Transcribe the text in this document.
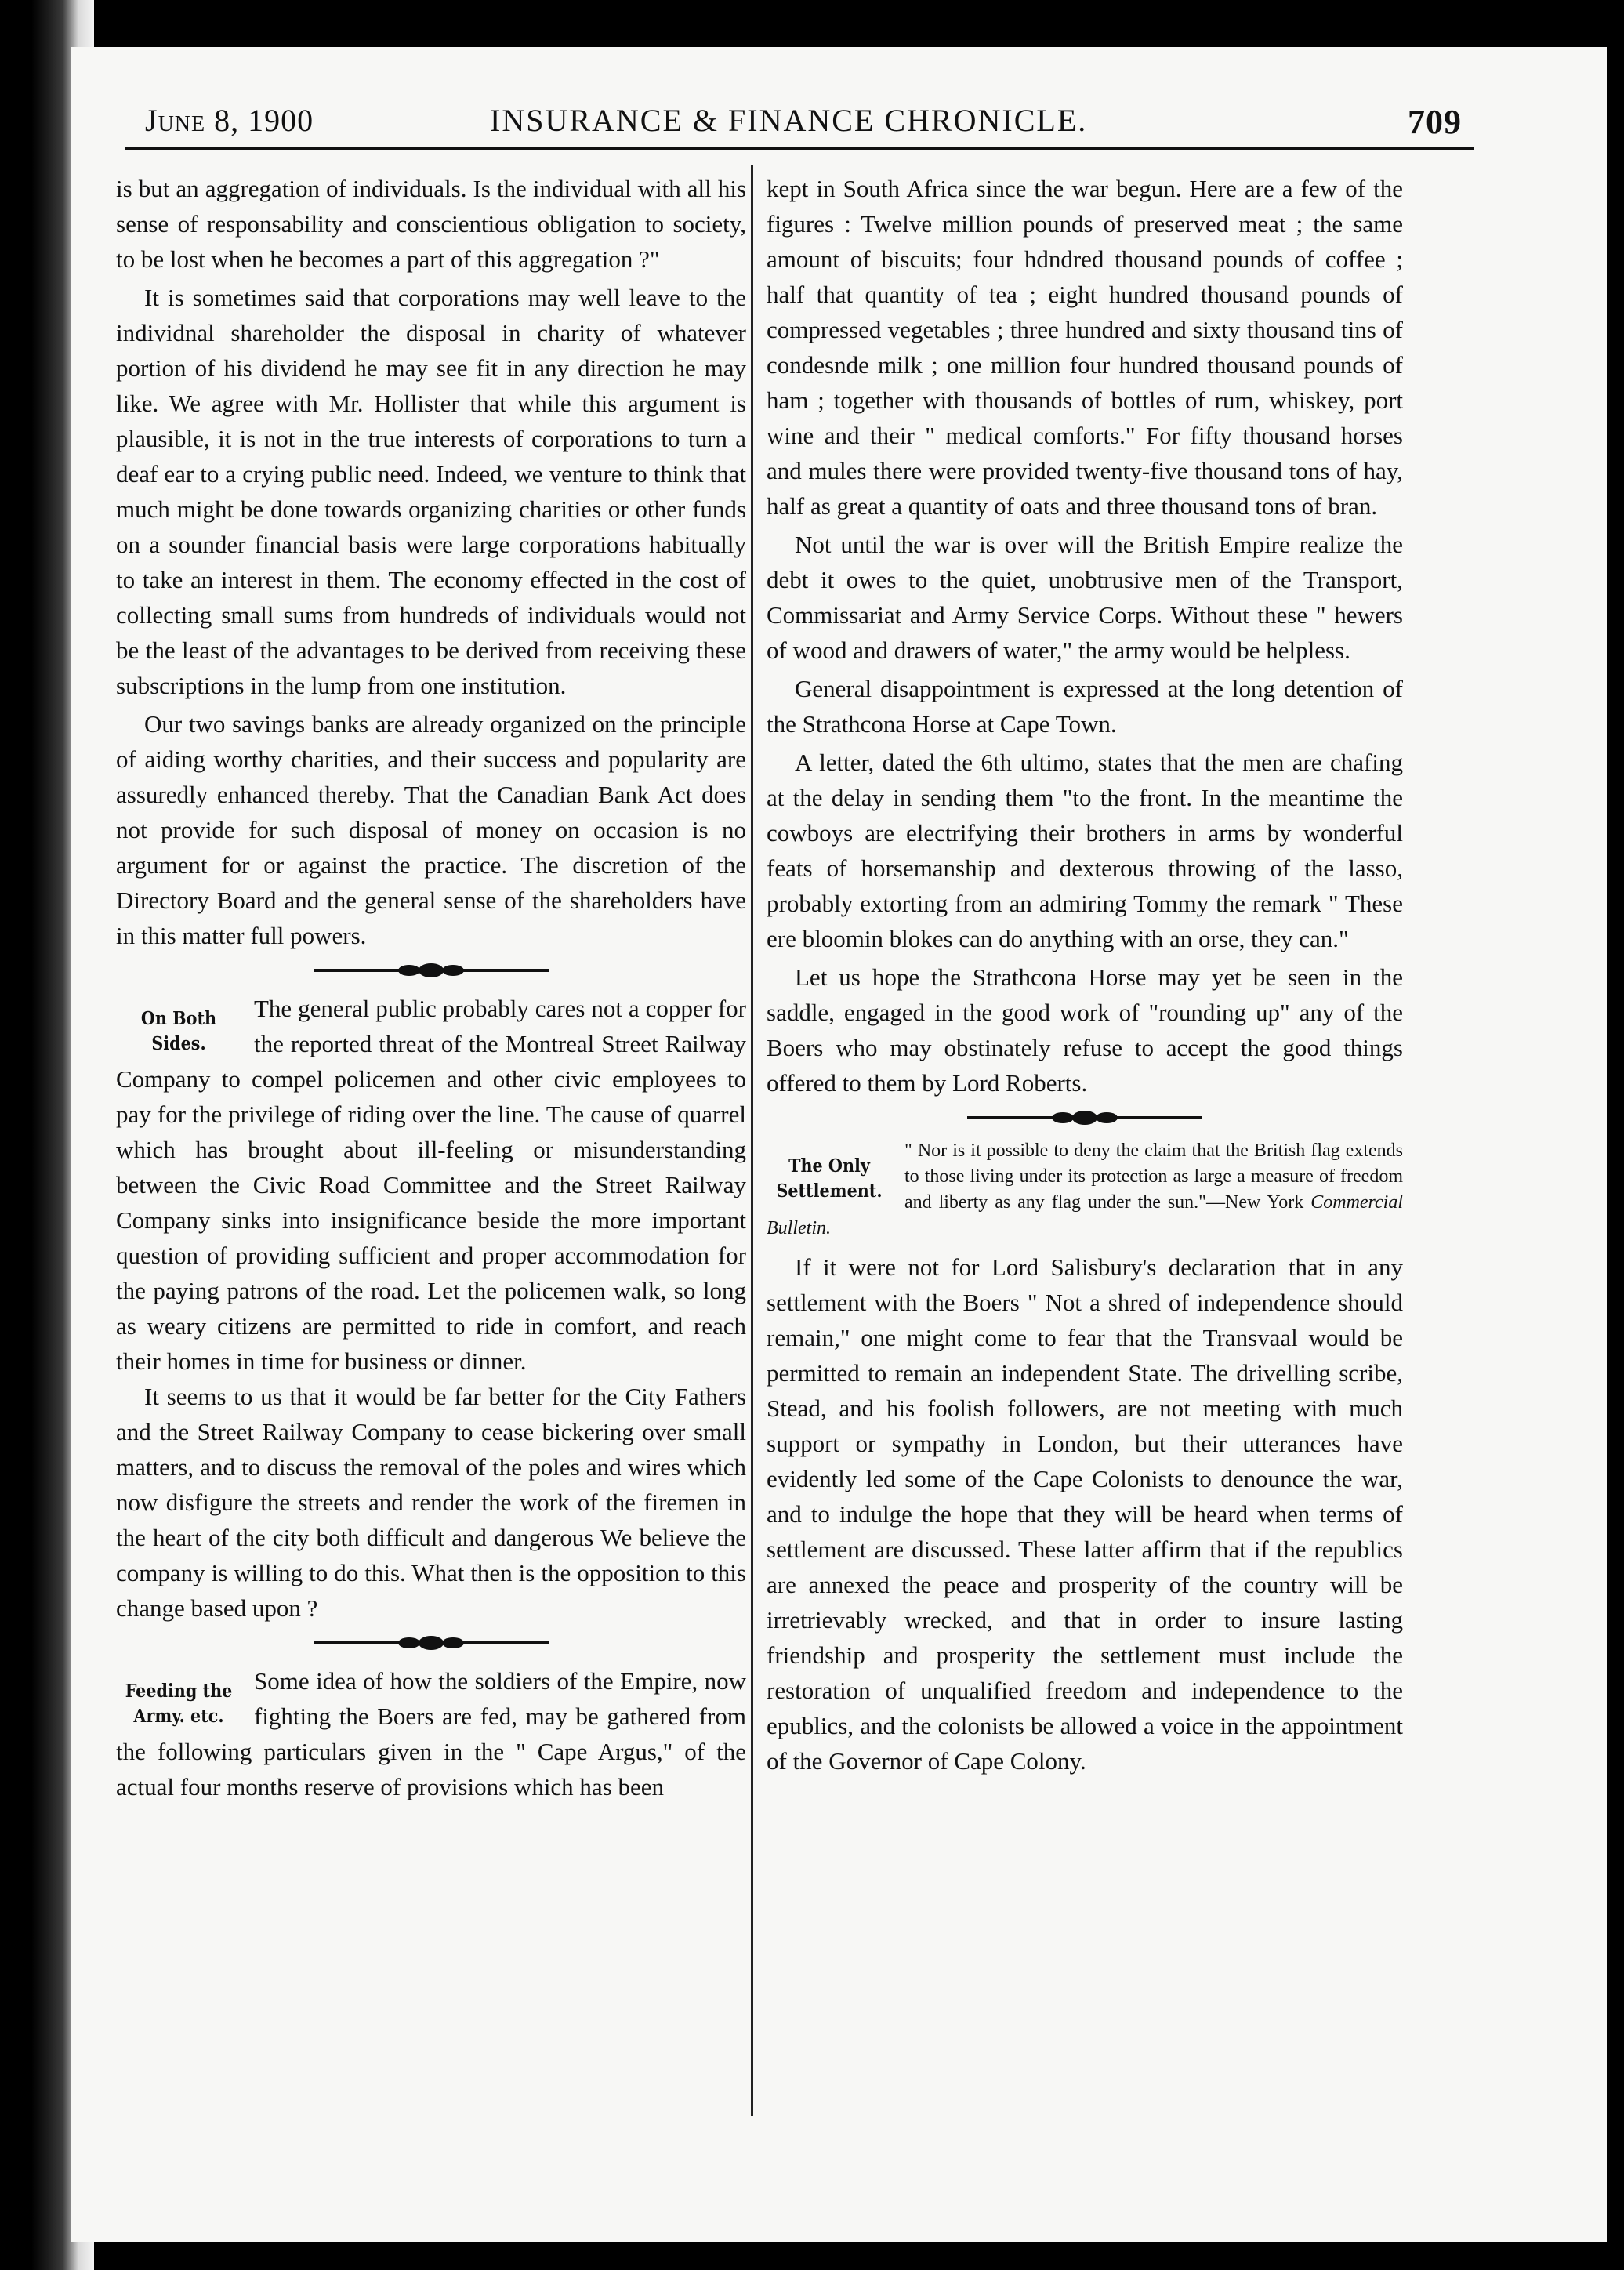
June 8, 1900	INSURANCE & FINANCE CHRONICLE.	709

is but an aggregation of individuals. Is the individual with all his sense of responsability and conscientious obligation to society, to be lost when he becomes a part of this aggregation ?"

It is sometimes said that corporations may well leave to the individnal shareholder the disposal in charity of whatever portion of his dividend he may see fit in any direction he may like. We agree with Mr. Hollister that while this argument is plausible, it is not in the true interests of corporations to turn a deaf ear to a crying public need. Indeed, we venture to think that much might be done towards organizing charities or other funds on a sounder financial basis were large corporations habitually to take an interest in them. The economy effected in the cost of collecting small sums from hundreds of individuals would not be the least of the advantages to be derived from receiving these subscriptions in the lump from one institution.

Our two savings banks are already organized on the principle of aiding worthy charities, and their success and popularity are assuredly enhanced thereby. That the Canadian Bank Act does not provide for such disposal of money on occasion is no argument for or against the practice. The discretion of the Directory Board and the general sense of the shareholders have in this matter full powers.

On Both Sides.

The general public probably cares not a copper for the reported threat of the Montreal Street Railway Company to compel policemen and other civic employees to pay for the privilege of riding over the line. The cause of quarrel which has brought about ill-feeling or misunderstanding between the Civic Road Committee and the Street Railway Company sinks into insignificance beside the more important question of providing sufficient and proper accommodation for the paying patrons of the road. Let the policemen walk, so long as weary citizens are permitted to ride in comfort, and reach their homes in time for business or dinner.

It seems to us that it would be far better for the City Fathers and the Street Railway Company to cease bickering over small matters, and to discuss the removal of the poles and wires which now disfigure the streets and render the work of the firemen in the heart of the city both difficult and dangerous We believe the company is willing to do this. What then is the opposition to this change based upon ?

Feeding the Army. etc.

Some idea of how the soldiers of the Empire, now fighting the Boers are fed, may be gathered from the following particulars given in the " Cape Argus," of the actual four months reserve of provisions which has been

kept in South Africa since the war begun. Here are a few of the figures : Twelve million pounds of preserved meat ; the same amount of biscuits; four hdndred thousand pounds of coffee ; half that quantity of tea ; eight hundred thousand pounds of compressed vegetables ; three hundred and sixty thousand tins of condesnde milk ; one million four hundred thousand pounds of ham ; together with thousands of bottles of rum, whiskey, port wine and their " medical comforts." For fifty thousand horses and mules there were provided twenty-five thousand tons of hay, half as great a quantity of oats and three thousand tons of bran.

Not until the war is over will the British Empire realize the debt it owes to the quiet, unobtrusive men of the Transport, Commissariat and Army Service Corps. Without these " hewers of wood and drawers of water," the army would be helpless.

General disappointment is expressed at the long detention of the Strathcona Horse at Cape Town.

A letter, dated the 6th ultimo, states that the men are chafing at the delay in sending them "to the front. In the meantime the cowboys are electrifying their brothers in arms by wonderful feats of horsemanship and dexterous throwing of the lasso, probably extorting from an admiring Tommy the remark " These ere bloomin blokes can do anything with an orse, they can."

Let us hope the Strathcona Horse may yet be seen in the saddle, engaged in the good work of "rounding up" any of the Boers who may obstinately refuse to accept the good things offered to them by Lord Roberts.

The Only Settlement.
" Nor is it possible to deny the claim that the British flag extends to those living under its protection as large a measure of freedom and liberty as any flag under the sun."—New York Commercial Bulletin.

If it were not for Lord Salisbury's declaration that in any settlement with the Boers " Not a shred of independence should remain," one might come to fear that the Transvaal would be permitted to remain an independent State. The drivelling scribe, Stead, and his foolish followers, are not meeting with much support or sympathy in London, but their utterances have evidently led some of the Cape Colonists to denounce the war, and to indulge the hope that they will be heard when terms of settlement are discussed. These latter affirm that if the republics are annexed the peace and prosperity of the country will be irretrievably wrecked, and that in order to insure lasting friendship and prosperity the settlement must include the restoration of unqualified freedom and independence to the epublics, and the colonists be allowed a voice in the appointment of the Governor of Cape Colony.
